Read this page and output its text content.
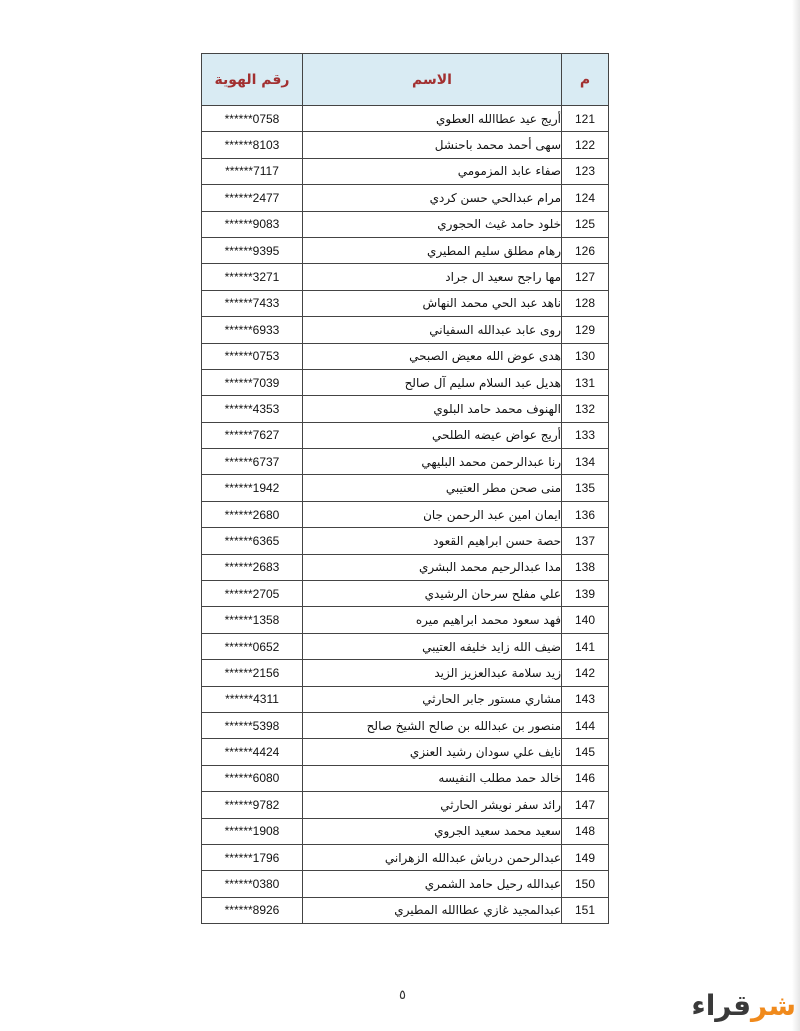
م	الاسم	رقم الهوية
121	أريج عيد عطاالله العطوي	******0758
122	سهى أحمد محمد باحنشل	******8103
123	صفاء عابد المزمومي	******7117
124	مرام عبدالحي حسن كردي	******2477
125	خلود حامد غيث الحجوري	******9083
126	رهام مطلق سليم المطيري	******9395
127	مها راجح سعيد ال جراد	******3271
128	ناهد عبد الحي محمد النهاش	******7433
129	روى عابد عبدالله السفياني	******6933
130	هدى عوض الله معيض الصبحي	******0753
131	هديل عبد السلام سليم آل صالح	******7039
132	الهنوف محمد حامد البلوي	******4353
133	أريج عواض عيضه الطلحي	******7627
134	رنا عبدالرحمن محمد البليهي	******6737
135	منى صحن مطر العتيبي	******1942
136	ايمان امين عبد الرحمن جان	******2680
137	حصة حسن ابراهيم القعود	******6365
138	مدا عبدالرحيم محمد البشري	******2683
139	علي مفلح سرحان الرشيدي	******2705
140	فهد سعود محمد ابراهيم ميره	******1358
141	ضيف الله زايد خليفه العتيبي	******0652
142	زيد سلامة عبدالعزيز الزيد	******2156
143	مشاري مستور جابر الحارثي	******4311
144	منصور بن عبدالله بن صالح الشيخ صالح	******5398
145	نايف علي سودان رشيد العنزي	******4424
146	خالد حمد مطلب النفيسه	******6080
147	رائد سفر نويشر الحارثي	******9782
148	سعيد محمد سعيد الجروي	******1908
149	عبدالرحمن درباش عبدالله الزهراني	******1796
150	عبدالله رحيل حامد الشمري	******0380
151	عبدالمجيد غازي عطاالله المطيري	******8926
٥	شرقراء
